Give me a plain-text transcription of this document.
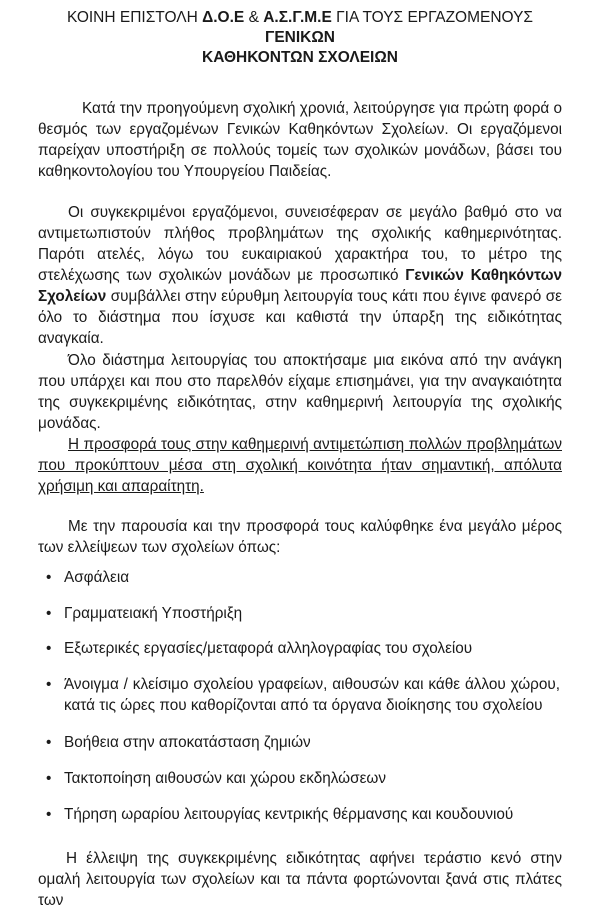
ΚΟΙΝΗ ΕΠΙΣΤΟΛΗ Δ.Ο.Ε & Α.Σ.Γ.Μ.Ε ΓΙΑ ΤΟΥΣ ΕΡΓΑΖΟΜΕΝΟΥΣ ΓΕΝΙΚΩΝ
ΚΑΘΗΚΟΝΤΩΝ ΣΧΟΛΕΙΩΝ

Κατά την προηγούμενη σχολική χρονιά, λειτούργησε για πρώτη φορά ο θεσμός των εργαζομένων Γενικών Καθηκόντων Σχολείων. Οι εργαζόμενοι παρείχαν υποστήριξη σε πολλούς τομείς των σχολικών μονάδων, βάσει του καθηκοντολογίου του Υπουργείου Παιδείας.

Οι συγκεκριμένοι εργαζόμενοι, συνεισέφεραν σε μεγάλο βαθμό στο να αντιμετωπιστούν πλήθος προβλημάτων της σχολικής καθημερινότητας. Παρότι ατελές, λόγω του ευκαιριακού χαρακτήρα του, το μέτρο της στελέχωσης των σχολικών μονάδων με προσωπικό Γενικών Καθηκόντων Σχολείων συμβάλλει στην εύρυθμη λειτουργία τους κάτι που έγινε φανερό σε όλο το διάστημα που ίσχυσε και καθιστά την ύπαρξη της ειδικότητας αναγκαία.

Όλο διάστημα λειτουργίας του αποκτήσαμε μια εικόνα από την ανάγκη που υπάρχει και που στο παρελθόν είχαμε επισημάνει, για την αναγκαιότητα της συγκεκριμένης ειδικότητας, στην καθημερινή λειτουργία της σχολικής μονάδας.

Η προσφορά τους στην καθημερινή αντιμετώπιση πολλών προβλημάτων που προκύπτουν μέσα στη σχολική κοινότητα ήταν σημαντική, απόλυτα χρήσιμη και απαραίτητη.

Με την παρουσία και την προσφορά τους καλύφθηκε ένα μεγάλο μέρος των ελλείψεων των σχολείων όπως:

• Ασφάλεια
• Γραμματειακή Υποστήριξη
• Εξωτερικές εργασίες/μεταφορά αλληλογραφίας του σχολείου
• Άνοιγμα / κλείσιμο σχολείου γραφείων, αιθουσών και κάθε άλλου χώρου, κατά τις ώρες που καθορίζονται από τα όργανα διοίκησης του σχολείου
• Βοήθεια στην αποκατάσταση ζημιών
• Τακτοποίηση αιθουσών και χώρου εκδηλώσεων
• Τήρηση ωραρίου λειτουργίας κεντρικής θέρμανσης και κουδουνιού

Η έλλειψη της συγκεκριμένης ειδικότητας αφήνει τεράστιο κενό στην ομαλή λειτουργία των σχολείων και τα πάντα φορτώνονται ξανά στις πλάτες των
